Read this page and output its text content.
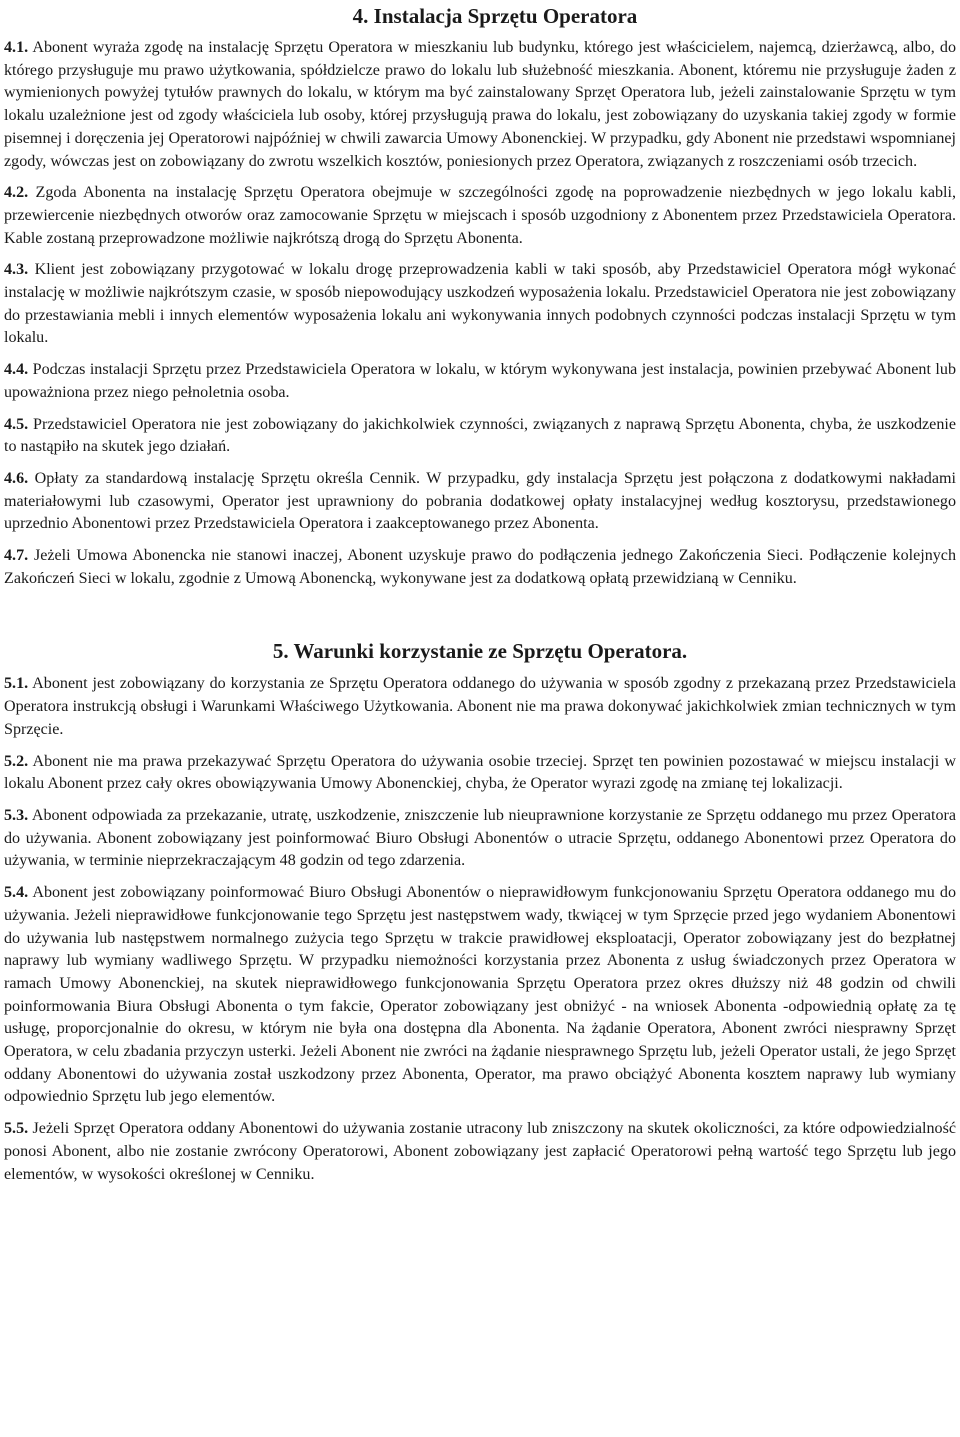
4. Instalacja Sprzętu Operatora

4.1. Abonent wyraża zgodę na instalację Sprzętu Operatora w mieszkaniu lub budynku, którego jest właścicielem, najemcą, dzierżawcą, albo, do którego przysługuje mu prawo użytkowania, spółdzielcze prawo do lokalu lub służebność mieszkania. Abonent, któremu nie przysługuje żaden z wymienionych powyżej tytułów prawnych do lokalu, w którym ma być zainstalowany Sprzęt Operatora lub, jeżeli zainstalowanie Sprzętu w tym lokalu uzależnione jest od zgody właściciela lub osoby, której przysługują prawa do lokalu, jest zobowiązany do uzyskania takiej zgody w formie pisemnej i doręczenia jej Operatorowi najpóźniej w chwili zawarcia Umowy Abonenckiej. W przypadku, gdy Abonent nie przedstawi wspomnianej zgody, wówczas jest on zobowiązany do zwrotu wszelkich kosztów, poniesionych przez Operatora, związanych z roszczeniami osób trzecich.

4.2. Zgoda Abonenta na instalację Sprzętu Operatora obejmuje w szczególności zgodę na poprowadzenie niezbędnych w jego lokalu kabli, przewiercenie niezbędnych otworów oraz zamocowanie Sprzętu w miejscach i sposób uzgodniony z Abonentem przez Przedstawiciela Operatora. Kable zostaną przeprowadzone możliwie najkrótszą drogą do Sprzętu Abonenta.

4.3. Klient jest zobowiązany przygotować w lokalu drogę przeprowadzenia kabli w taki sposób, aby Przedstawiciel Operatora mógł wykonać instalację w możliwie najkrótszym czasie, w sposób niepowodujący uszkodzeń wyposażenia lokalu. Przedstawiciel Operatora nie jest zobowiązany do przestawiania mebli i innych elementów wyposażenia lokalu ani wykonywania innych podobnych czynności podczas instalacji Sprzętu w tym lokalu.

4.4. Podczas instalacji Sprzętu przez Przedstawiciela Operatora w lokalu, w którym wykonywana jest instalacja, powinien przebywać Abonent lub upoważniona przez niego pełnoletnia osoba.

4.5. Przedstawiciel Operatora nie jest zobowiązany do jakichkolwiek czynności, związanych z naprawą Sprzętu Abonenta, chyba, że uszkodzenie to nastąpiło na skutek jego działań.

4.6. Opłaty za standardową instalację Sprzętu określa Cennik. W przypadku, gdy instalacja Sprzętu jest połączona z dodatkowymi nakładami materiałowymi lub czasowymi, Operator jest uprawniony do pobrania dodatkowej opłaty instalacyjnej według kosztorysu, przedstawionego uprzednio Abonentowi przez Przedstawiciela Operatora i zaakceptowanego przez Abonenta.

4.7. Jeżeli Umowa Abonencka nie stanowi inaczej, Abonent uzyskuje prawo do podłączenia jednego Zakończenia Sieci. Podłączenie kolejnych Zakończeń Sieci w lokalu, zgodnie z Umową Abonencką, wykonywane jest za dodatkową opłatą przewidzianą w Cenniku.

5. Warunki korzystanie ze Sprzętu Operatora.

5.1. Abonent jest zobowiązany do korzystania ze Sprzętu Operatora oddanego do używania w sposób zgodny z przekazaną przez Przedstawiciela Operatora instrukcją obsługi i Warunkami Właściwego Użytkowania. Abonent nie ma prawa dokonywać jakichkolwiek zmian technicznych w tym Sprzęcie.

5.2. Abonent nie ma prawa przekazywać Sprzętu Operatora do używania osobie trzeciej. Sprzęt ten powinien pozostawać w miejscu instalacji w lokalu Abonent przez cały okres obowiązywania Umowy Abonenckiej, chyba, że Operator wyrazi zgodę na zmianę tej lokalizacji.

5.3. Abonent odpowiada za przekazanie, utratę, uszkodzenie, zniszczenie lub nieuprawnione korzystanie ze Sprzętu oddanego mu przez Operatora do używania. Abonent zobowiązany jest poinformować Biuro Obsługi Abonentów o utracie Sprzętu, oddanego Abonentowi przez Operatora do używania, w terminie nieprzekraczającym 48 godzin od tego zdarzenia.

5.4. Abonent jest zobowiązany poinformować Biuro Obsługi Abonentów o nieprawidłowym funkcjonowaniu Sprzętu Operatora oddanego mu do używania. Jeżeli nieprawidłowe funkcjonowanie tego Sprzętu jest następstwem wady, tkwiącej w tym Sprzęcie przed jego wydaniem Abonentowi do używania lub następstwem normalnego zużycia tego Sprzętu w trakcie prawidłowej eksploatacji, Operator zobowiązany jest do bezpłatnej naprawy lub wymiany wadliwego Sprzętu. W przypadku niemożności korzystania przez Abonenta z usług świadczonych przez Operatora w ramach Umowy Abonenckiej, na skutek nieprawidłowego funkcjonowania Sprzętu Operatora przez okres dłuższy niż 48 godzin od chwili poinformowania Biura Obsługi Abonenta o tym fakcie, Operator zobowiązany jest obniżyć - na wniosek Abonenta -odpowiednią opłatę za tę usługę, proporcjonalnie do okresu, w którym nie była ona dostępna dla Abonenta. Na żądanie Operatora, Abonent zwróci niesprawny Sprzęt Operatora, w celu zbadania przyczyn usterki. Jeżeli Abonent nie zwróci na żądanie niesprawnego Sprzętu lub, jeżeli Operator ustali, że jego Sprzęt oddany Abonentowi do używania został uszkodzony przez Abonenta, Operator, ma prawo obciążyć Abonenta kosztem naprawy lub wymiany odpowiednio Sprzętu lub jego elementów.

5.5. Jeżeli Sprzęt Operatora oddany Abonentowi do używania zostanie utracony lub zniszczony na skutek okoliczności, za które odpowiedzialność ponosi Abonent, albo nie zostanie zwrócony Operatorowi, Abonent zobowiązany jest zapłacić Operatorowi pełną wartość tego Sprzętu lub jego elementów, w wysokości określonej w Cenniku.
